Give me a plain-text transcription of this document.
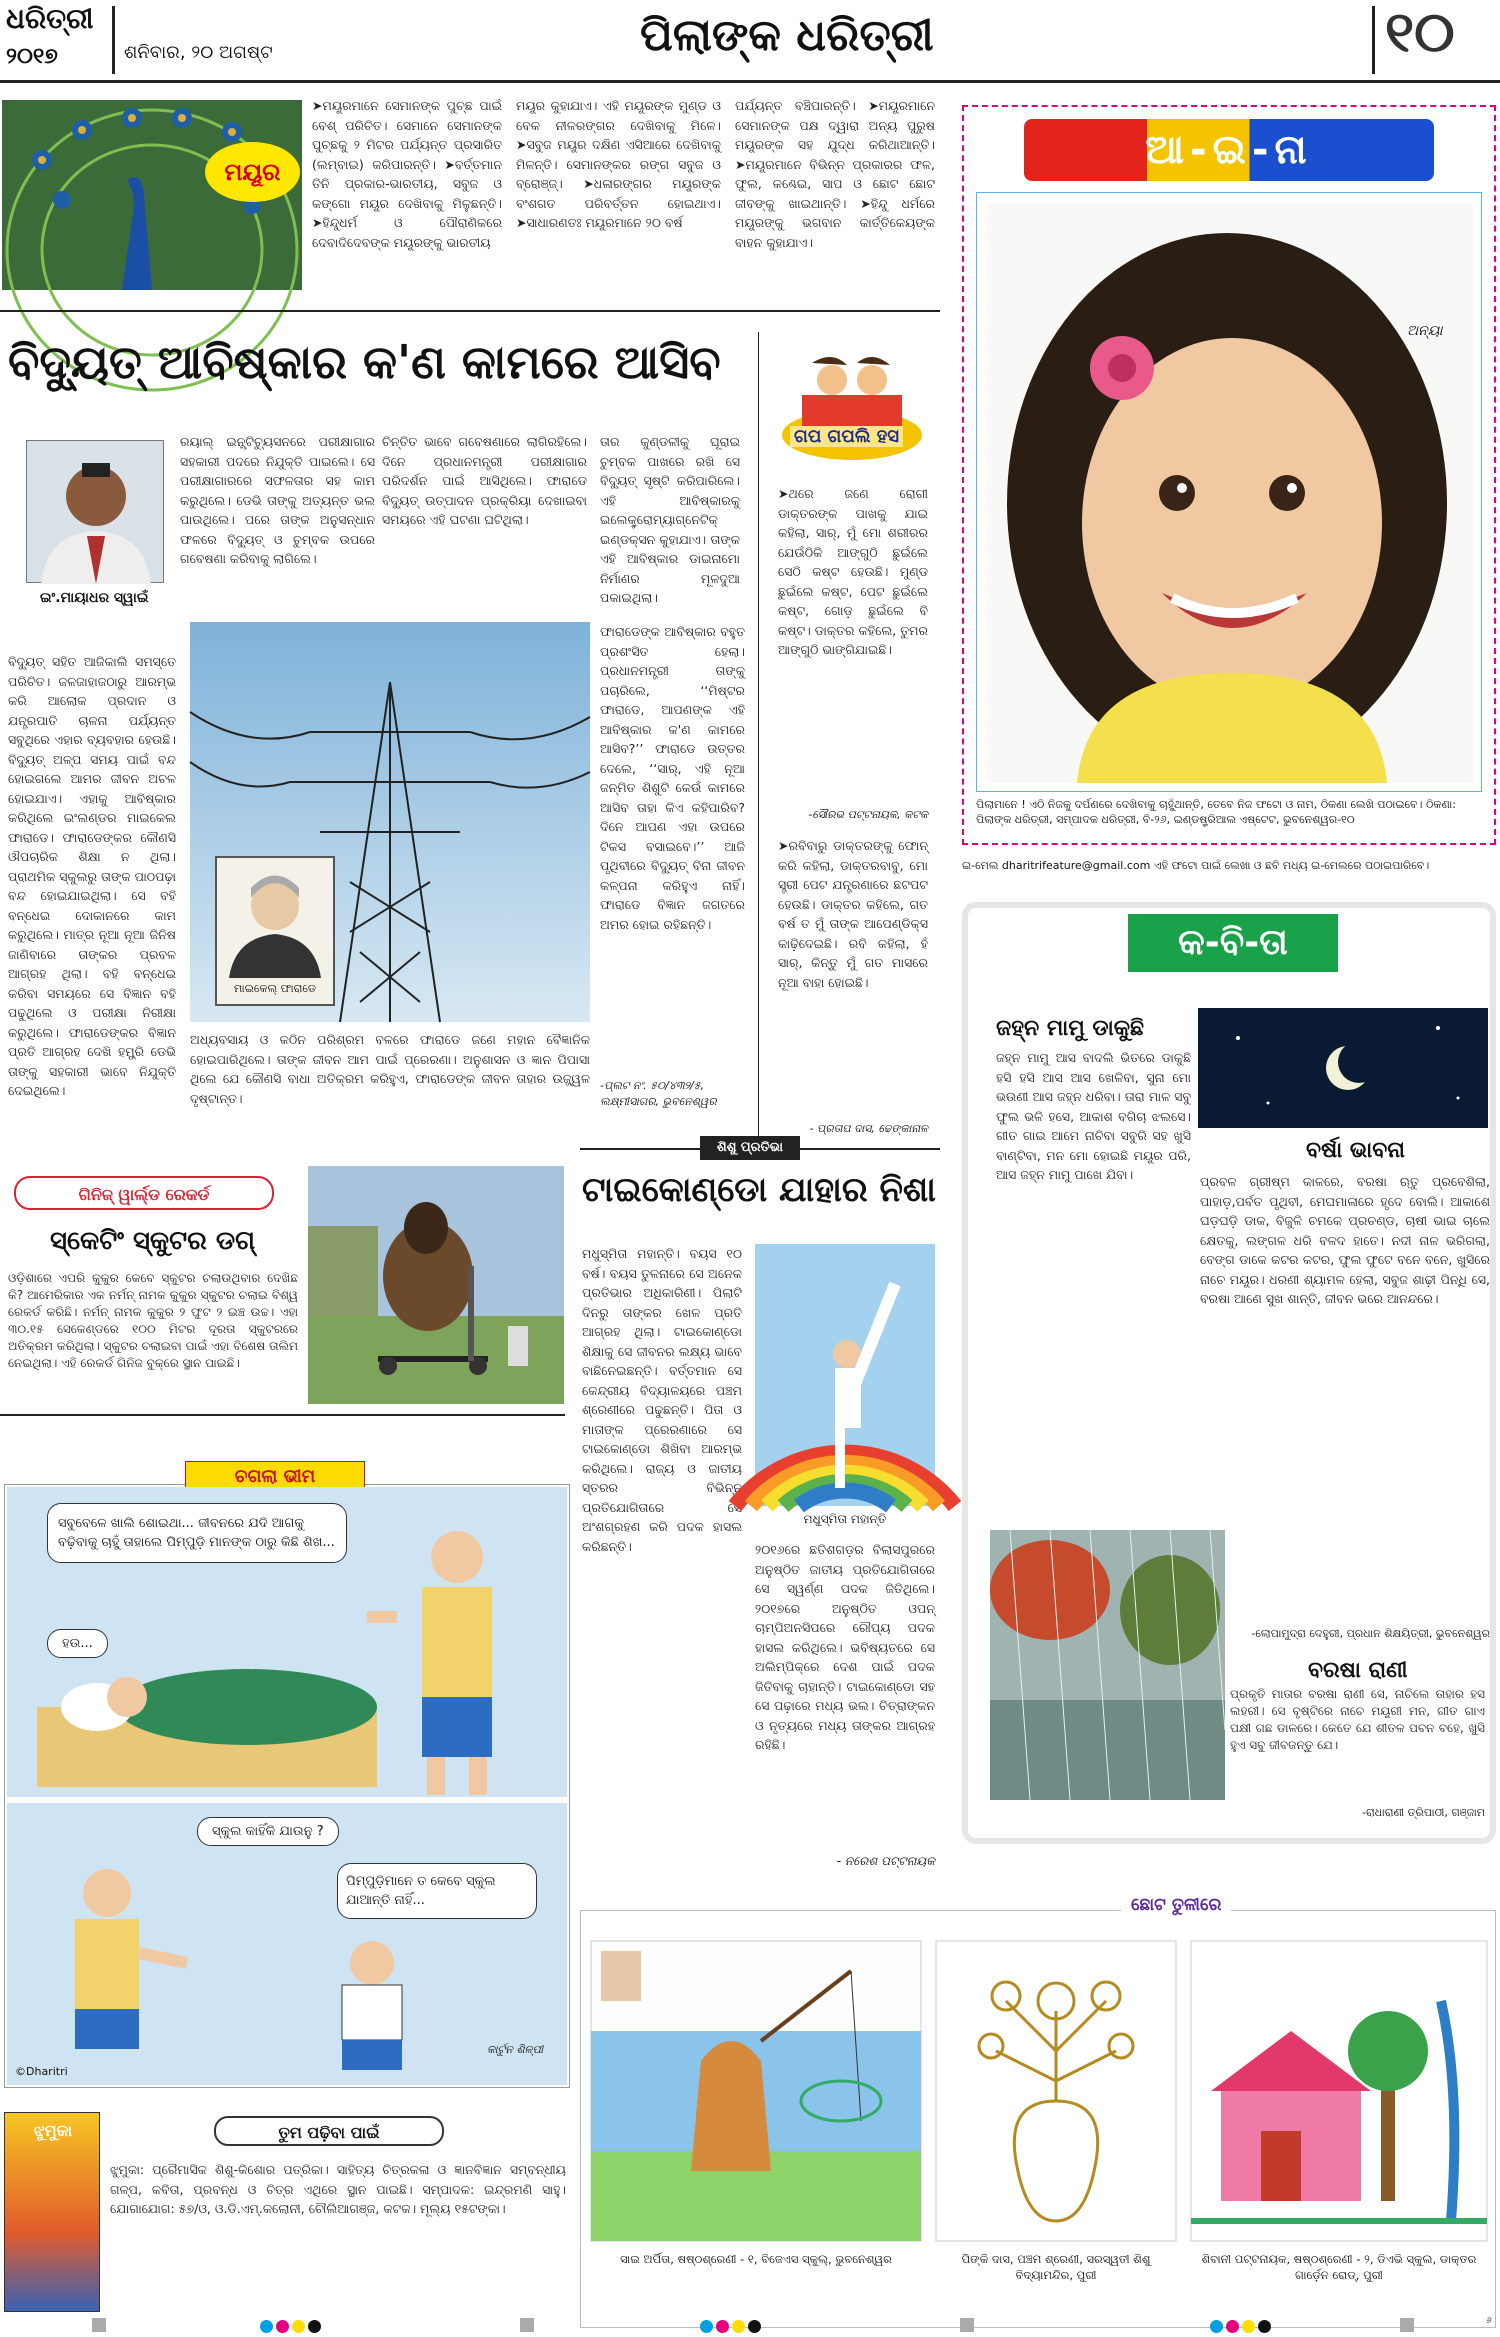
ଧରିତ୍ରୀ
୨୦୧୭	ଶନିବାର, ୨୦ ଅଗଷ୍ଟ	ପିଲାଙ୍କ ଧରିତ୍ରୀ	୧୦
ମୟୂର
➤ମୟୂରମାନେ ସେମାନଙ୍କ ପୁଚ୍ଛ ପାଇଁ ବେଶ୍ ପରିଚିତ। ସେମାନେ ସେମାନଙ୍କ ପୁଚ୍ଛକୁ ୨ ମିଟର ପର୍ଯ୍ୟନ୍ତ ପ୍ରସାରିତ (ଲମ୍ବାଇ) କରିପାରନ୍ତି। ➤ବର୍ତ୍ତମାନ ତିନି ପ୍ରକାର-ଭାରତୀୟ, ସବୁଜ ଓ କଙ୍ଗୋ ମୟୂର ଦେଖିବାକୁ ମିଳୁଛନ୍ତି। ➤ହିନ୍ଦୁଧର୍ମ ଓ ପୌରାଣିକରେ ଦେବାଦିଦେବଙ୍କ ମୟୂରଙ୍କୁ ଭାରତୀୟ
ମୟୂର କୁହାଯାଏ। ଏହି ମୟୂରଙ୍କ ମୁଣ୍ଡ ଓ ବେକ ନୀଳରଙ୍ଗର ଦେଖିବାକୁ ମିଳେ। ➤ସବୁଜ ମୟୂର ଦକ୍ଷିଣ ଏସିଆରେ ଦେଖିବାକୁ ମିଳନ୍ତି। ସେମାନଙ୍କର ରଙ୍ଗ ସବୁଜ ଓ ବ୍ରୋଞ୍ଜ୍। ➤ଧଳାରଙ୍ଗର ମୟୂରଙ୍କ ବଂଶଗତ ପରିବର୍ତ୍ତନ ହୋଇଥାଏ। ➤ସାଧାରଣତଃ ମୟୂରମାନେ ୨୦ ବର୍ଷ
ପର୍ଯ୍ୟନ୍ତ ବଞ୍ଚିପାରନ୍ତି। ➤ମୟୂରମାନେ ସେମାନଙ୍କ ପକ୍ଷ ଦ୍ୱାରା ଅନ୍ୟ ପୁରୁଷ ମୟୂରଙ୍କ ସହ ଯୁଦ୍ଧ କରିଥାଆନ୍ତି। ➤ମୟୂରମାନେ ବିଭିନ୍ନ ପ୍ରକାରର ଫଳ, ଫୁଲ, କଣ୍ଢେଇ, ସାପ ଓ ଛୋଟ ଛୋଟ ଜୀବଙ୍କୁ ଖାଇଥାନ୍ତି। ➤ହିନ୍ଦୁ ଧର୍ମରେ ମୟୂରଙ୍କୁ ଭଗବାନ କାର୍ତ୍ତିକେୟଙ୍କ ବାହନ କୁହାଯାଏ।
ବିଦ୍ୟୁତ୍ ଆବିଷ୍କାର କ'ଣ କାମରେ ଆସିବ
ଇଂ.ମାୟାଧର ସ୍ୱାଇଁ
ରୟାଲ୍ ଇନ୍ସ୍ଟିଚ୍ୟୁସନରେ ପରୀକ୍ଷାଗାର ସହକାରୀ ପଦରେ ନିଯୁକ୍ତି ପାଇଲେ। ସେ ପରୀକ୍ଷାଗାରରେ ସଫଳତାର ସହ କାମ କରୁଥିଲେ। ଡେଭି ତାଙ୍କୁ ଅତ୍ୟନ୍ତ ଭଲ ପାଉଥିଲେ। ପରେ ତାଙ୍କ ଅନୁସନ୍ଧାନ ଫଳରେ ବିଦ୍ୟୁତ୍ ଓ ଚୁମ୍ବକ ଉପରେ ଗବେଷଣା କରିବାକୁ ଲାଗିଲେ।
ଚିନ୍ତିତ ଭାବେ ଗବେଷଣାରେ ଲାଗିରହିଲେ। ଦିନେ ପ୍ରଧାନମନ୍ତ୍ରୀ ପରୀକ୍ଷାଗାର ପରିଦର୍ଶନ ପାଇଁ ଆସିଥିଲେ। ଫାରାଡେ ବିଦ୍ୟୁତ୍ ଉତ୍ପାଦନ ପ୍ରକ୍ରିୟା ଦେଖାଇବା ସମୟରେ ଏହି ଘଟଣା ଘଟିଥିଲା।
ତାର କୁଣ୍ଡଳୀକୁ ଘୂରାଇ ଚୁମ୍ବକ ପାଖରେ ରଖି ସେ ବିଦ୍ୟୁତ୍ ସୃଷ୍ଟି କରିପାରିଲେ। ଏହି ଆବିଷ୍କାରକୁ ଇଲେକ୍ଟ୍ରୋମ୍ୟାଗ୍ନେଟିକ୍ ଇଣ୍ଡକ୍ସନ କୁହାଯାଏ। ତାଙ୍କ ଏହି ଆବିଷ୍କାର ଡାଇନାମୋ ନିର୍ମାଣର ମୂଳଦୁଆ ପକାଇଥିଲା।
ବିଦ୍ୟୁତ୍ ସହିତ ଆଜିକାଲି ସମସ୍ତେ ପରିଚିତ। ଜଳଜାହାଜଠାରୁ ଆରମ୍ଭ କରି ଆଲୋକ ପ୍ରଦାନ ଓ ଯନ୍ତ୍ରପାତି ଚାଳନା ପର୍ଯ୍ୟନ୍ତ ସବୁଥିରେ ଏହାର ବ୍ୟବହାର ହେଉଛି। ବିଦ୍ୟୁତ୍ ଅଳ୍ପ ସମୟ ପାଇଁ ବନ୍ଦ ହୋଇଗଲେ ଆମର ଜୀବନ ଅଚଳ ହୋଇଯାଏ। ଏହାକୁ ଆବିଷ୍କାର କରିଥିଲେ ଇଂଲଣ୍ଡର ମାଇକେଲ ଫାରାଡେ। ଫାରାଡେଙ୍କର କୌଣସି ଔପଚାରିକ ଶିକ୍ଷା ନ ଥିଲା। ପ୍ରାଥମିକ ସ୍କୁଲରୁ ତାଙ୍କ ପାଠପଢ଼ା ବନ୍ଦ ହୋଇଯାଇଥିଲା। ସେ ବହି ବନ୍ଧେଇ ଦୋକାନରେ କାମ କରୁଥିଲେ। ମାତ୍ର ନୂଆ ନୂଆ ଜିନିଷ ଜାଣିବାରେ ତାଙ୍କର ପ୍ରବଳ ଆଗ୍ରହ ଥିଲା। ବହି ବନ୍ଧେଇ କରିବା ସମୟରେ ସେ ବିଜ୍ଞାନ ବହି ପଢୁଥିଲେ ଓ ପରୀକ୍ଷା ନିରୀକ୍ଷା କରୁଥିଲେ। ଫାରାଡେଙ୍କର ବିଜ୍ଞାନ ପ୍ରତି ଆଗ୍ରହ ଦେଖି ହମ୍ଫ୍ରି ଡେଭି ତାଙ୍କୁ ସହକାରୀ ଭାବେ ନିଯୁକ୍ତି ଦେଇଥିଲେ।
ମାଇକେଲ୍ ଫାରାଡେ
ଫାରାଡେଙ୍କ ଆବିଷ୍କାର ବହୁତ ପ୍ରଶଂସିତ ହେଲା। ପ୍ରଧାନମନ୍ତ୍ରୀ ତାଙ୍କୁ ପଚାରିଲେ, ‘‘ମିଷ୍ଟର ଫାରାଡେ, ଆପଣଙ୍କ ଏହି ଆବିଷ୍କାର କ'ଣ କାମରେ ଆସିବ?’’ ଫାରାଡେ ଉତ୍ତର ଦେଲେ, ‘‘ସାର୍, ଏହି ନୂଆ ଜନ୍ମିତ ଶିଶୁଟି କେଉଁ କାମରେ ଆସିବ ତାହା କିଏ କହିପାରିବ? ଦିନେ ଆପଣ ଏହା ଉପରେ ଟିକସ ବସାଇବେ।’’ ଆଜି ପୃଥିବୀରେ ବିଦ୍ୟୁତ୍ ବିନା ଜୀବନ କଳ୍ପନା କରିହୁଏ ନାହିଁ। ଫାରାଡେ ବିଜ୍ଞାନ ଜଗତରେ ଅମର ହୋଇ ରହିଛନ୍ତି।
ଅଧ୍ୟବସାୟ ଓ କଠିନ ପରିଶ୍ରମ ବଳରେ ଫାରାଡେ ଜଣେ ମହାନ ବୈଜ୍ଞାନିକ ହୋଇପାରିଥିଲେ। ତାଙ୍କ ଜୀବନ ଆମ ପାଇଁ ପ୍ରେରଣା। ଅନୁଶାସନ ଓ ଜ୍ଞାନ ପିପାସା ଥିଲେ ଯେ କୌଣସି ବାଧା ଅତିକ୍ରମ କରିହୁଏ, ଫାରାଡେଙ୍କ ଜୀବନ ତାହାର ଉଜ୍ଜ୍ୱଳ ଦୃଷ୍ଟାନ୍ତ।
-ପ୍ଲଟ ନଂ. ୫୦/୪୩୨/୫, ଲକ୍ଷ୍ମୀସାଗର, ଭୁବନେଶ୍ୱର
ଗପ ଗପଲି ହସ
➤ଥରେ ଜଣେ ରୋଗୀ ଡାକ୍ତରଙ୍କ ପାଖକୁ ଯାଇ କହିଲା, ସାର୍, ମୁଁ ମୋ ଶରୀରର ଯେଉଁଠିକି ଆଙ୍ଗୁଠି ଛୁଇଁଲେ ସେଠି କଷ୍ଟ ହେଉଛି। ମୁଣ୍ଡ ଛୁଇଁଲେ କଷ୍ଟ, ପେଟ ଛୁଇଁଲେ କଷ୍ଟ, ଗୋଡ଼ ଛୁଇଁଲେ ବି କଷ୍ଟ। ଡାକ୍ତର କହିଲେ, ତୁମର ଆଙ୍ଗୁଠି ଭାଙ୍ଗିଯାଇଛି।
-ସୌରଭ ପଟ୍ଟନାୟକ, କଟକ
➤ରବିବାରୁ ଡାକ୍ତରଙ୍କୁ ଫୋନ୍ କରି କହିଲା, ଡାକ୍ତରବାବୁ, ମୋ ସ୍ତ୍ରୀ ପେଟ ଯନ୍ତ୍ରଣାରେ ଛଟପଟ ହେଉଛି। ଡାକ୍ତର କହିଲେ, ଗତ ବର୍ଷ ତ ମୁଁ ତାଙ୍କ ଆପେଣ୍ଡିକ୍ସ କାଢ଼ିଦେଇଛି। ରବି କହିଲା, ହଁ ସାର୍, କିନ୍ତୁ ମୁଁ ଗତ ମାସରେ ନୂଆ ବାହା ହୋଇଛି।
- ପ୍ରତାପ ଦାସ, ଢେଙ୍କାନାଳ
ଆ-ଇ-ନା
ଅନ୍ୟା
ପିଲାମାନେ ! ଏଠି ନିଜକୁ ଦର୍ପଣରେ ଦେଖିବାକୁ ଚାହୁଁଥାନ୍ତି, ତେବେ ନିଜ ଫଟୋ ଓ ନାମ, ଠିକଣା ଲେଖି ପଠାଇବେ। ଠିକଣା: ପିଲାଙ୍କ ଧରିତ୍ରୀ, ସମ୍ପାଦକ ଧରିତ୍ରୀ, ବି-୨୬, ଇଣ୍ଡଷ୍ଟ୍ରିଆଲ ଏଷ୍ଟେଟ, ଭୁବନେଶ୍ୱର-୧୦
ଇ-ମେଲ dharitrifeature@gmail.com ଏହି ଫଟୋ ପାଇଁ ଲେଖା ଓ ଛବି ମଧ୍ୟ ଇ-ମେଲରେ ପଠାଇପାରିବେ।
କ-ବି-ତା
ଜହ୍ନ ମାମୁ ଡାକୁଛି
ଜହ୍ନ ମାମୁ ଆସ ବାଦଲି ଭିତରେ ଡାକୁଛି ହସି ହସି ଆସ ଆସ ଖେଳିବା, ସୁନା ମୋ ଭଉଣୀ ଆସ ଜହ୍ନ ଧରିବା। ତାରା ମାଳ ସବୁ ଫୁଲ ଭଳି ହସେ, ଆକାଶ ବଗିଚା ଝଲସେ। ଗୀତ ଗାଇ ଆମେ ନାଚିବା ସବୁରି ସହ ଖୁସି ବାଣ୍ଟିବା, ମନ ମୋ ହୋଇଛି ମୟୂର ପରି, ଆସ ଜହ୍ନ ମାମୁ ପାଖେ ଯିବା।
ବର୍ଷା ଭାବନା
ପ୍ରବଳ ଗ୍ରୀଷ୍ମ କାଳରେ, ବରଷା ଋତୁ ପ୍ରବେଶିଲା, ପାହାଡ଼,ପର୍ବତ ପୃଥିବୀ, ମେଘମାଳାରେ ହୃଦେ ବୋଲି। ଆକାଶେ ଘଡ଼ଘଡ଼ି ଡାକ, ବିଜୁଳି ଚମକେ ପ୍ରଚଣ୍ଡ, ଚାଷୀ ଭାଇ ଚାଲେ କ୍ଷେତକୁ, ଲଙ୍ଗଳ ଧରି ବଳଦ ହାତେ। ନଦୀ ନାଳ ଭରିଗଲା, ବେଙ୍ଗ ଡାକେ କଟର କଟର, ଫୁଲ ଫୁଟେ ବନେ ବନେ, ଖୁସିରେ ନାଚେ ମୟୂର। ଧରଣୀ ଶ୍ୟାମଳ ହେଲା, ସବୁଜ ଶାଢ଼ୀ ପିନ୍ଧି ସେ, ବରଷା ଆଣେ ସୁଖ ଶାନ୍ତି, ଜୀବନ ଭରେ ଆନନ୍ଦରେ।
-ଲୋପାମୁଦ୍ରା ଦେହୁରୀ, ପ୍ରଧାନ ଶିକ୍ଷୟିତ୍ରୀ, ଭୁବନେଶ୍ୱର
ବରଷା ରାଣୀ
ପ୍ରକୃତି ମାତାର ବରଷା ରାଣୀ ସେ, ନାଚିଲେ ତାହାର ହସ ଲହରୀ। ସେ ବୃଷ୍ଟିରେ ନାଚେ ମୟୂରୀ ମନ, ଗୀତ ଗାଏ ପକ୍ଷୀ ଗଛ ଡାଳରେ। କେତେ ଯେ ଶୀତଳ ପବନ ବହେ, ଖୁସି ହୁଏ ସବୁ ଜୀବଜନ୍ତୁ ଯେ।
-ରାଧାରାଣୀ ତ୍ରିପାଠୀ, ଗଞ୍ଜାମ
ଗିନିଜ୍ ୱାର୍ଲ୍ଡ ରେକର୍ଡ
ସ୍କେଟିଂ ସ୍କୁଟର ଡଗ୍
ଓଡ଼ିଶାରେ ଏପରି କୁକୁର କେବେ ସ୍କୁଟର ଚଲାଉଥିବାର ଦେଖିଛ କି? ଆମେରିକାର ଏକ ନର୍ମନ୍ ନାମକ କୁକୁର ସ୍କୁଟର ଚଲାଇ ବିଶ୍ୱ ରେକର୍ଡ କରିଛି। ନର୍ମନ୍ ନାମକ କୁକୁର ୨ ଫୁଟ ୨ ଇଞ୍ଚ ଉଚ୍ଚ। ଏହା ୩୦.୧୫ ସେକେଣ୍ଡରେ ୧୦୦ ମିଟର ଦୂରତା ସ୍କୁଟରରେ ଅତିକ୍ରମ କରିଥିଲା। ସ୍କୁଟର ଚଲାଇବା ପାଇଁ ଏହା ବିଶେଷ ତାଲିମ ନେଇଥିଲା। ଏହି ରେକର୍ଡ ଗିନିଜ ବୁକ୍‌ରେ ସ୍ଥାନ ପାଇଛି।
ଚଗଲା ଭୀମ
ସବୁବେଳେ ଖାଲି ଶୋଇଥା... ଜୀବନରେ ଯଦି ଆଗକୁ ବଢ଼ିବାକୁ ଚାହୁଁ ତାହାଲେ ପିମ୍ପୁଡ଼ି ମାନଙ୍କ ଠାରୁ କିଛି ଶିଖ...
ହଉ...
ସ୍କୁଲ କାହିଁକି ଯାଉନୁ ?
ପିମ୍ପୁଡ଼ିମାନେ ତ କେବେ ସ୍କୁଲ ଯାଆନ୍ତି ନାହିଁ...
କାର୍ଟୁନ ଶିଳ୍ପୀ
©Dharitri
ଶିଶୁ ପ୍ରତିଭା
ଟାଇକୋଣ୍ଡୋ ଯାହାର ନିଶା
ମଧୁସ୍ମିତା ମହାନ୍ତି। ବୟସ ୧୦ ବର୍ଷ। ବୟସ ତୁଳନାରେ ସେ ଅନେକ ପ୍ରତିଭାର ଅଧିକାରିଣୀ। ପିଲାଟି ଦିନରୁ ତାଙ୍କର ଖେଳ ପ୍ରତି ଆଗ୍ରହ ଥିଲା। ଟାଇକୋଣ୍ଡୋ ଶିକ୍ଷାକୁ ସେ ଜୀବନର ଲକ୍ଷ୍ୟ ଭାବେ ବାଛିନେଇଛନ୍ତି। ବର୍ତ୍ତମାନ ସେ କେନ୍ଦ୍ରୀୟ ବିଦ୍ୟାଳୟରେ ପଞ୍ଚମ ଶ୍ରେଣୀରେ ପଢୁଛନ୍ତି। ପିତା ଓ ମାତାଙ୍କ ପ୍ରେରଣାରେ ସେ ଟାଇକୋଣ୍ଡୋ ଶିଖିବା ଆରମ୍ଭ କରିଥିଲେ। ରାଜ୍ୟ ଓ ଜାତୀୟ ସ୍ତରର ବିଭିନ୍ନ ପ୍ରତିଯୋଗିତାରେ ସେ ଅଂଶଗ୍ରହଣ କରି ପଦକ ହାସଲ କରିଛନ୍ତି।
ମଧୁସ୍ମିତା ମହାନ୍ତି
୨୦୧୬ରେ ଛତିଶଗଡ଼ର ବିଲାସପୁରରେ ଅନୁଷ୍ଠିତ ଜାତୀୟ ପ୍ରତିଯୋଗିତାରେ ସେ ସ୍ୱର୍ଣ୍ଣ ପଦକ ଜିତିଥିଲେ। ୨୦୧୭ରେ ଅନୁଷ୍ଠିତ ଓପନ୍ ଚାମ୍ପିଅନସିପରେ ରୌପ୍ୟ ପଦକ ହାସଲ କରିଥିଲେ। ଭବିଷ୍ୟତରେ ସେ ଅଲିମ୍ପିକ୍‌ରେ ଦେଶ ପାଇଁ ପଦକ ଜିତିବାକୁ ଚାହାନ୍ତି। ଟାଇକୋଣ୍ଡୋ ସହ ସେ ପଢ଼ାରେ ମଧ୍ୟ ଭଲ। ଚିତ୍ରାଙ୍କନ ଓ ନୃତ୍ୟରେ ମଧ୍ୟ ତାଙ୍କର ଆଗ୍ରହ ରହିଛି।
- ନରେଶ ପଟ୍ଟନାୟକ
ଝୁମୁକା	ତୁମ ପଢ଼ିବା ପାଇଁ
ଝୁମୁକା: ପ୍ରୈମାସିକ ଶିଶୁ-କିଶୋର ପତ୍ରିକା। ସାହିତ୍ୟ ଚିତ୍ରକଳା ଓ ଜ୍ଞାନବିଜ୍ଞାନ ସମ୍ବନ୍ଧୀୟ ଗଳ୍ପ, କବିତା, ପ୍ରବନ୍ଧ ଓ ଚିତ୍ର ଏଥିରେ ସ୍ଥାନ ପାଇଛି। ସମ୍ପାଦକ: ଇନ୍ଦ୍ରମଣି ସାହୁ। ଯୋଗାଯୋଗ: ୫୭/ଓ, ଓ.ଡି.ଏମ୍.କଲୋନୀ, ଚୌଲିଆଗଞ୍ଜ, କଟକ। ମୂଲ୍ୟ ୧୫ଟଙ୍କା।
ଛୋଟ ତୁଳୀରେ
ସାଇ ଅର୍ପିତା, ଷଷ୍ଠଶ୍ରେଣୀ - ୧, ବିଜେଏସ ସ୍କୁଲ୍, ଭୁବନେଶ୍ୱର	ପିଙ୍କି ଦାସ, ପଞ୍ଚମ ଶ୍ରେଣୀ, ସରସ୍ୱତୀ ଶିଶୁ ବିଦ୍ୟାମନ୍ଦିର, ପୁରୀ
ଶିବାନୀ ପଟ୍ଟନାୟକ, ଷଷ୍ଠଶ୍ରେଣୀ - ୨, ଡିଏଭି ସ୍କୁଲ, ଡାକ୍ତର ଗାର୍ଡ଼େନ ରୋଡ୍, ପୁରୀ
୬
